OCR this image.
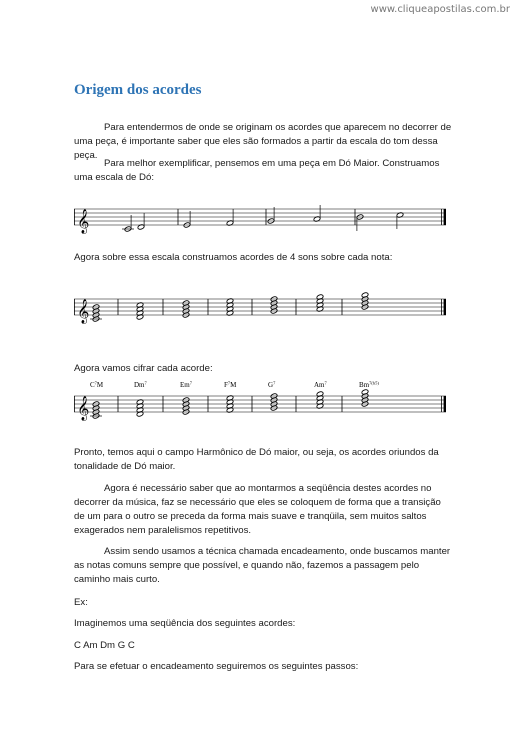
www.cliqueapostilas.com.br
Origem dos acordes

Para entendermos de onde se originam os acordes que aparecem no decorrer de uma peça, é importante saber que eles são formados a partir da escala do tom dessa peça.

Para melhor exemplificar, pensemos em uma peça em Dó Maior. Construamos uma escala de Dó:

𝄞

Agora sobre essa escala construamos acordes de 4 sons sobre cada nota:

𝄞

Agora vamos cifrar cada acorde:

𝄞
$C^7M$	Dm$^7$	Em$^7$	$F^7M$	$G^7$	Am$^7$	$Bm^{7(b5)}$

Pronto, temos aqui o campo Harmônico de Dó maior, ou seja, os acordes oriundos da tonalidade de Dó maior.

Agora é necessário saber que ao montarmos a seqüência destes acordes no decorrer da música, faz se necessário que eles se coloquem de forma que a transição de um para o outro se preceda da forma mais suave e tranqüila, sem muitos saltos exagerados nem paralelismos repetitivos.

Assim sendo usamos a técnica chamada encadeamento, onde buscamos manter as notas comuns sempre que possível, e quando não, fazemos a passagem pelo caminho mais curto.

Ex:

Imaginemos uma seqüência dos seguintes acordes:

C Am Dm G C

Para se efetuar o encadeamento seguiremos os seguintes passos:
